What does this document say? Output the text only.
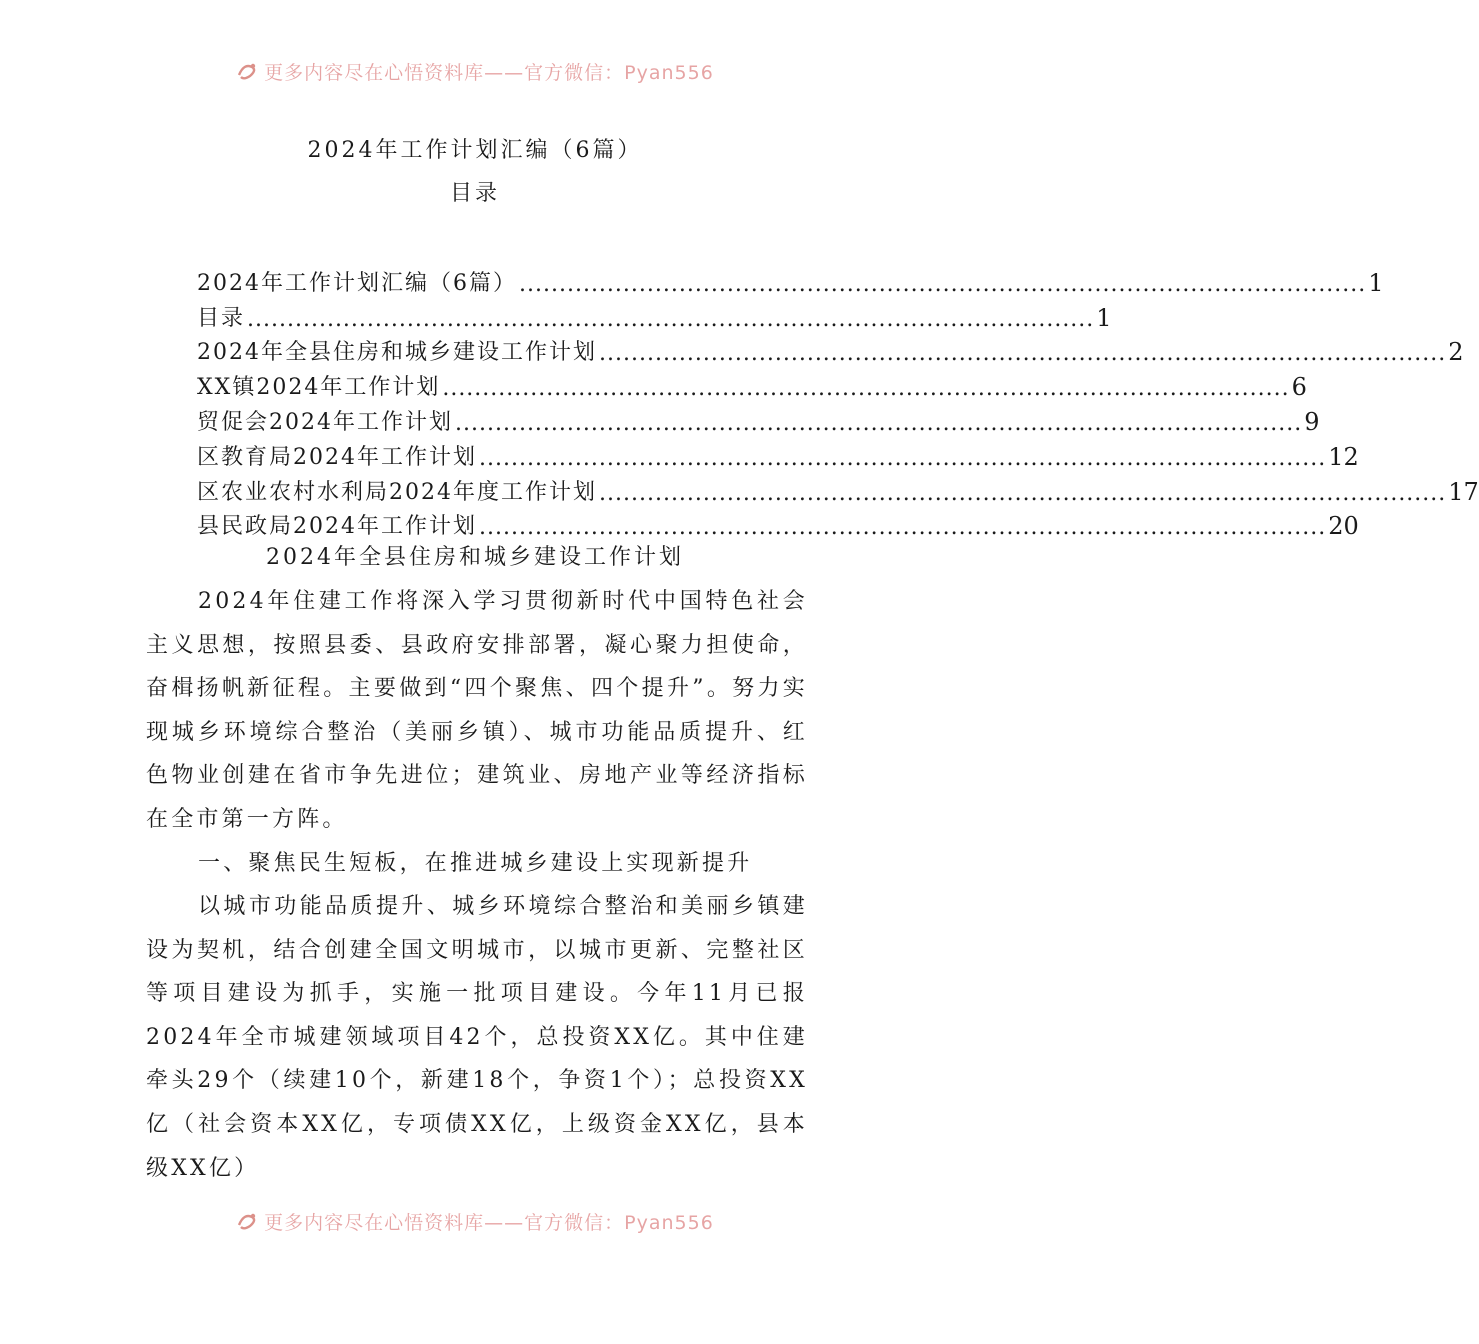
更多内容尽在心悟资料库——官方微信：Pyan556
2024年工作计划汇编（6篇）
目录
2024年工作计划汇编（6篇） .......................................................................................................... 1
目录 .......................................................................................................... 1
2024年全县住房和城乡建设工作计划 .......................................................................................................... 2
XX镇2024年工作计划 .......................................................................................................... 6
贸促会2024年工作计划 .......................................................................................................... 9
区教育局2024年工作计划 .......................................................................................................... 12
区农业农村水利局2024年度工作计划 .......................................................................................................... 17
县民政局2024年工作计划 .......................................................................................................... 20
2024年全县住房和城乡建设工作计划

2024年住建工作将深入学习贯彻新时代中国特色社会主义思想，按照县委、县政府安排部署，凝心聚力担使命，奋楫扬帆新征程。主要做到“四个聚焦、四个提升”。努力实现城乡环境综合整治（美丽乡镇）、城市功能品质提升、红色物业创建在省市争先进位；建筑业、房地产业等经济指标在全市第一方阵。

一、聚焦民生短板，在推进城乡建设上实现新提升

以城市功能品质提升、城乡环境综合整治和美丽乡镇建设为契机，结合创建全国文明城市，以城市更新、完整社区等项目建设为抓手，实施一批项目建设。今年11月已报2024年全市城建领域项目42个，总投资XX亿。其中住建牵头29个（续建10个，新建18个，争资1个）；总投资XX亿（社会资本XX亿，专项债XX亿，上级资金XX亿，县本级XX亿）

更多内容尽在心悟资料库——官方微信：Pyan556
